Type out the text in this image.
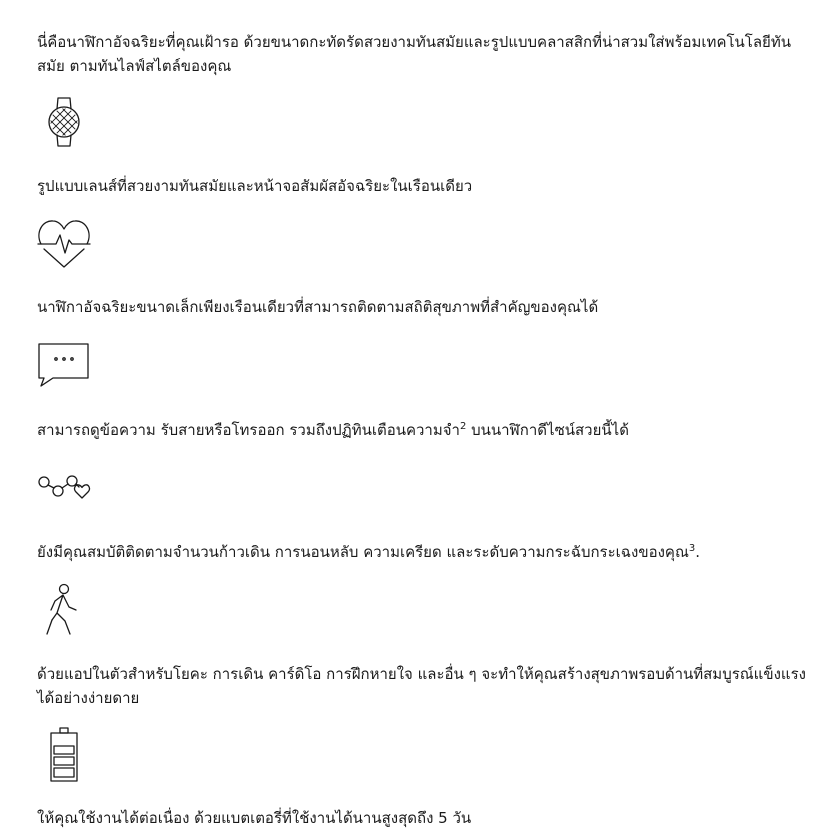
นี่คือนาฬิกาอัจฉริยะที่คุณเฝ้ารอ ด้วยขนาดกะทัดรัดสวยงามทันสมัยและรูปแบบคลาสสิกที่น่าสวมใส่พร้อมเทคโนโลยีทันสมัย ตามทันไลฟ์สไตล์ของคุณ

รูปแบบเลนส์ที่สวยงามทันสมัยและหน้าจอสัมผัสอัจฉริยะในเรือนเดียว

นาฬิกาอัจฉริยะขนาดเล็กเพียงเรือนเดียวที่สามารถติดตามสถิติสุขภาพที่สำคัญของคุณได้

สามารถดูข้อความ รับสายหรือโทรออก รวมถึงปฏิทินเตือนความจำ$^2$ บนนาฬิกาดีไซน์สวยนี้ได้

ยังมีคุณสมบัติติดตามจำนวนก้าวเดิน การนอนหลับ ความเครียด และระดับความกระฉับกระเฉงของคุณ$^3$.

ด้วยแอปในตัวสำหรับโยคะ การเดิน คาร์ดิโอ การฝึกหายใจ และอื่น ๆ จะทำให้คุณสร้างสุขภาพรอบด้านที่สมบูรณ์แข็งแรงได้อย่างง่ายดาย

ให้คุณใช้งานได้ต่อเนื่อง ด้วยแบตเตอรี่ที่ใช้งานได้นานสูงสุดถึง 5 วัน
